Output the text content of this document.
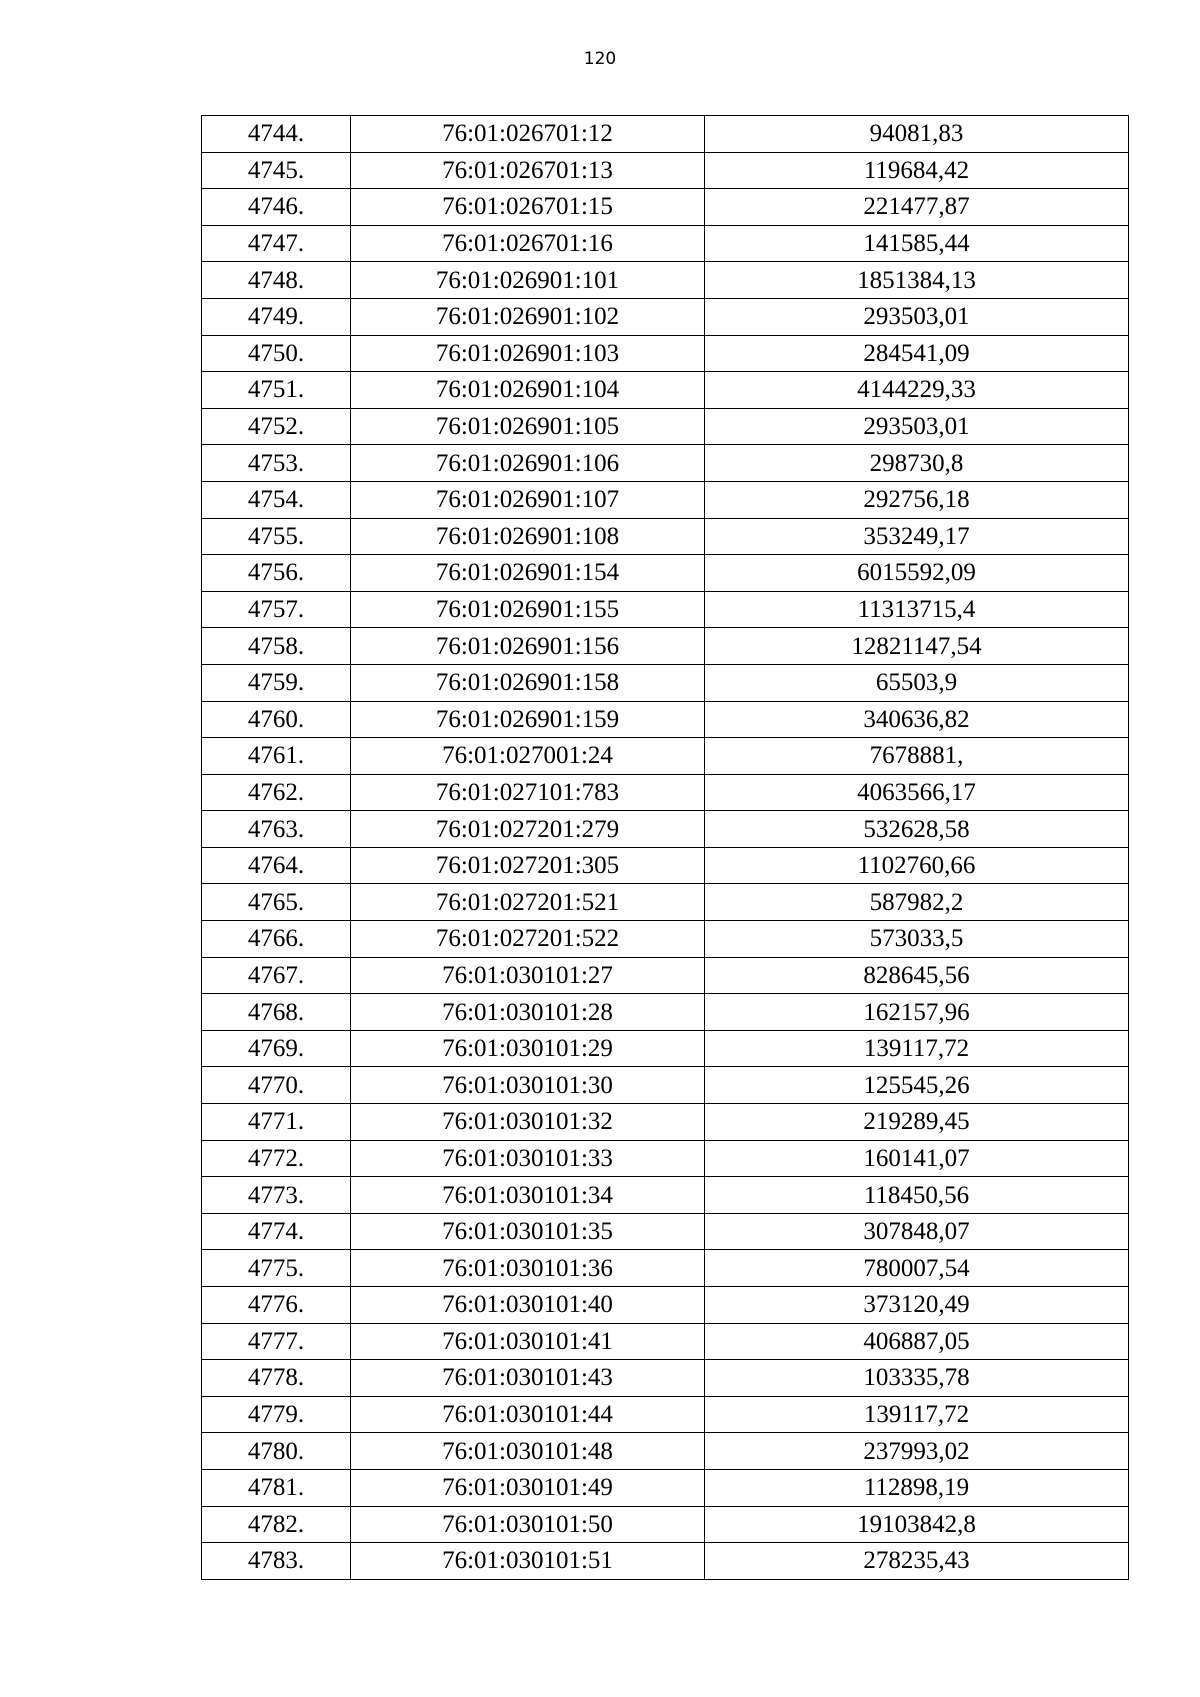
120
4744.	76:01:026701:12	94081,83
4745.	76:01:026701:13	119684,42
4746.	76:01:026701:15	221477,87
4747.	76:01:026701:16	141585,44
4748.	76:01:026901:101	1851384,13
4749.	76:01:026901:102	293503,01
4750.	76:01:026901:103	284541,09
4751.	76:01:026901:104	4144229,33
4752.	76:01:026901:105	293503,01
4753.	76:01:026901:106	298730,8
4754.	76:01:026901:107	292756,18
4755.	76:01:026901:108	353249,17
4756.	76:01:026901:154	6015592,09
4757.	76:01:026901:155	11313715,4
4758.	76:01:026901:156	12821147,54
4759.	76:01:026901:158	65503,9
4760.	76:01:026901:159	340636,82
4761.	76:01:027001:24	7678881,
4762.	76:01:027101:783	4063566,17
4763.	76:01:027201:279	532628,58
4764.	76:01:027201:305	1102760,66
4765.	76:01:027201:521	587982,2
4766.	76:01:027201:522	573033,5
4767.	76:01:030101:27	828645,56
4768.	76:01:030101:28	162157,96
4769.	76:01:030101:29	139117,72
4770.	76:01:030101:30	125545,26
4771.	76:01:030101:32	219289,45
4772.	76:01:030101:33	160141,07
4773.	76:01:030101:34	118450,56
4774.	76:01:030101:35	307848,07
4775.	76:01:030101:36	780007,54
4776.	76:01:030101:40	373120,49
4777.	76:01:030101:41	406887,05
4778.	76:01:030101:43	103335,78
4779.	76:01:030101:44	139117,72
4780.	76:01:030101:48	237993,02
4781.	76:01:030101:49	112898,19
4782.	76:01:030101:50	19103842,8
4783.	76:01:030101:51	278235,43
